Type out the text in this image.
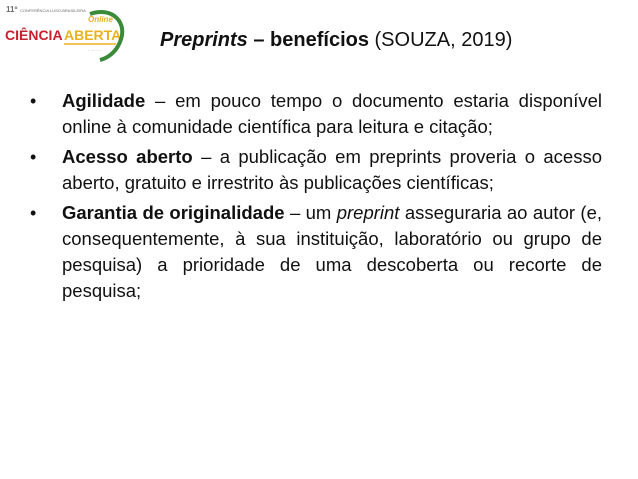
11º CONFERÊNCIA LUSO-BRASILEIRA
Online
CIÊNCIA ABERTA
· · · · · ·	Preprints – benefícios (SOUZA, 2019)
• Agilidade – em pouco tempo o documento estaria disponível online à comunidade científica para leitura e citação;
• Acesso aberto – a publicação em preprints proveria o acesso aberto, gratuito e irrestrito às publicações científicas;
• Garantia de originalidade – um preprint asseguraria ao autor (e, consequentemente, à sua instituição, laboratório ou grupo de pesquisa) a prioridade de uma descoberta ou recorte de pesquisa;
